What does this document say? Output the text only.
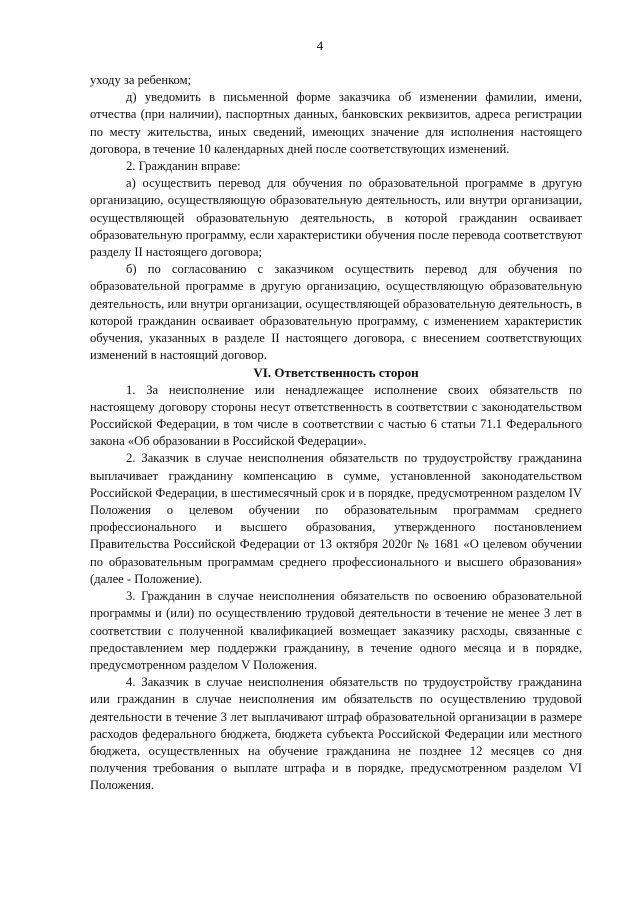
4

уходу за ребенком;

д) уведомить в письменной форме заказчика об изменении фамилии, имени, отчества (при наличии), паспортных данных, банковских реквизитов, адреса регистрации по месту жительства, иных сведений, имеющих значение для исполнения настоящего договора, в течение 10 календарных дней после соответствующих изменений.

2. Гражданин вправе:

а) осуществить перевод для обучения по образовательной программе в другую организацию, осуществляющую образовательную деятельность, или внутри организации, осуществляющей образовательную деятельность, в которой гражданин осваивает образовательную программу, если характеристики обучения после перевода соответствуют разделу II настоящего договора;

б) по согласованию с заказчиком осуществить перевод для обучения по образовательной программе в другую организацию, осуществляющую образовательную деятельность, или внутри организации, осуществляющей образовательную деятельность, в которой гражданин осваивает образовательную программу, с изменением характеристик обучения, указанных в разделе II настоящего договора, с внесением соответствующих изменений в настоящий договор.

VI. Ответственность сторон

1. За неисполнение или ненадлежащее исполнение своих обязательств по настоящему договору стороны несут ответственность в соответствии с законодательством Российской Федерации, в том числе в соответствии с частью 6 статьи 71.1 Федерального закона «Об образовании в Российской Федерации».

2. Заказчик в случае неисполнения обязательств по трудоустройству гражданина выплачивает гражданину компенсацию в сумме, установленной законодательством Российской Федерации, в шестимесячный срок и в порядке, предусмотренном разделом IV Положения о целевом обучении по образовательным программам среднего профессионального и высшего образования, утвержденного постановлением Правительства Российской Федерации от 13 октября 2020г № 1681 «О целевом обучении по образовательным программам среднего профессионального и высшего образования» (далее - Положение).

3. Гражданин в случае неисполнения обязательств по освоению образовательной программы и (или) по осуществлению трудовой деятельности в течение не менее 3 лет в соответствии с полученной квалификацией возмещает заказчику расходы, связанные с предоставлением мер поддержки гражданину, в течение одного месяца и в порядке, предусмотренном разделом V Положения.

4. Заказчик в случае неисполнения обязательств по трудоустройству гражданина или гражданин в случае неисполнения им обязательств по осуществлению трудовой деятельности в течение 3 лет выплачивают штраф образовательной организации в размере расходов федерального бюджета, бюджета субъекта Российской Федерации или местного бюджета, осуществленных на обучение гражданина не позднее 12 месяцев со дня получения требования о выплате штрафа и в порядке, предусмотренном разделом VI Положения.
